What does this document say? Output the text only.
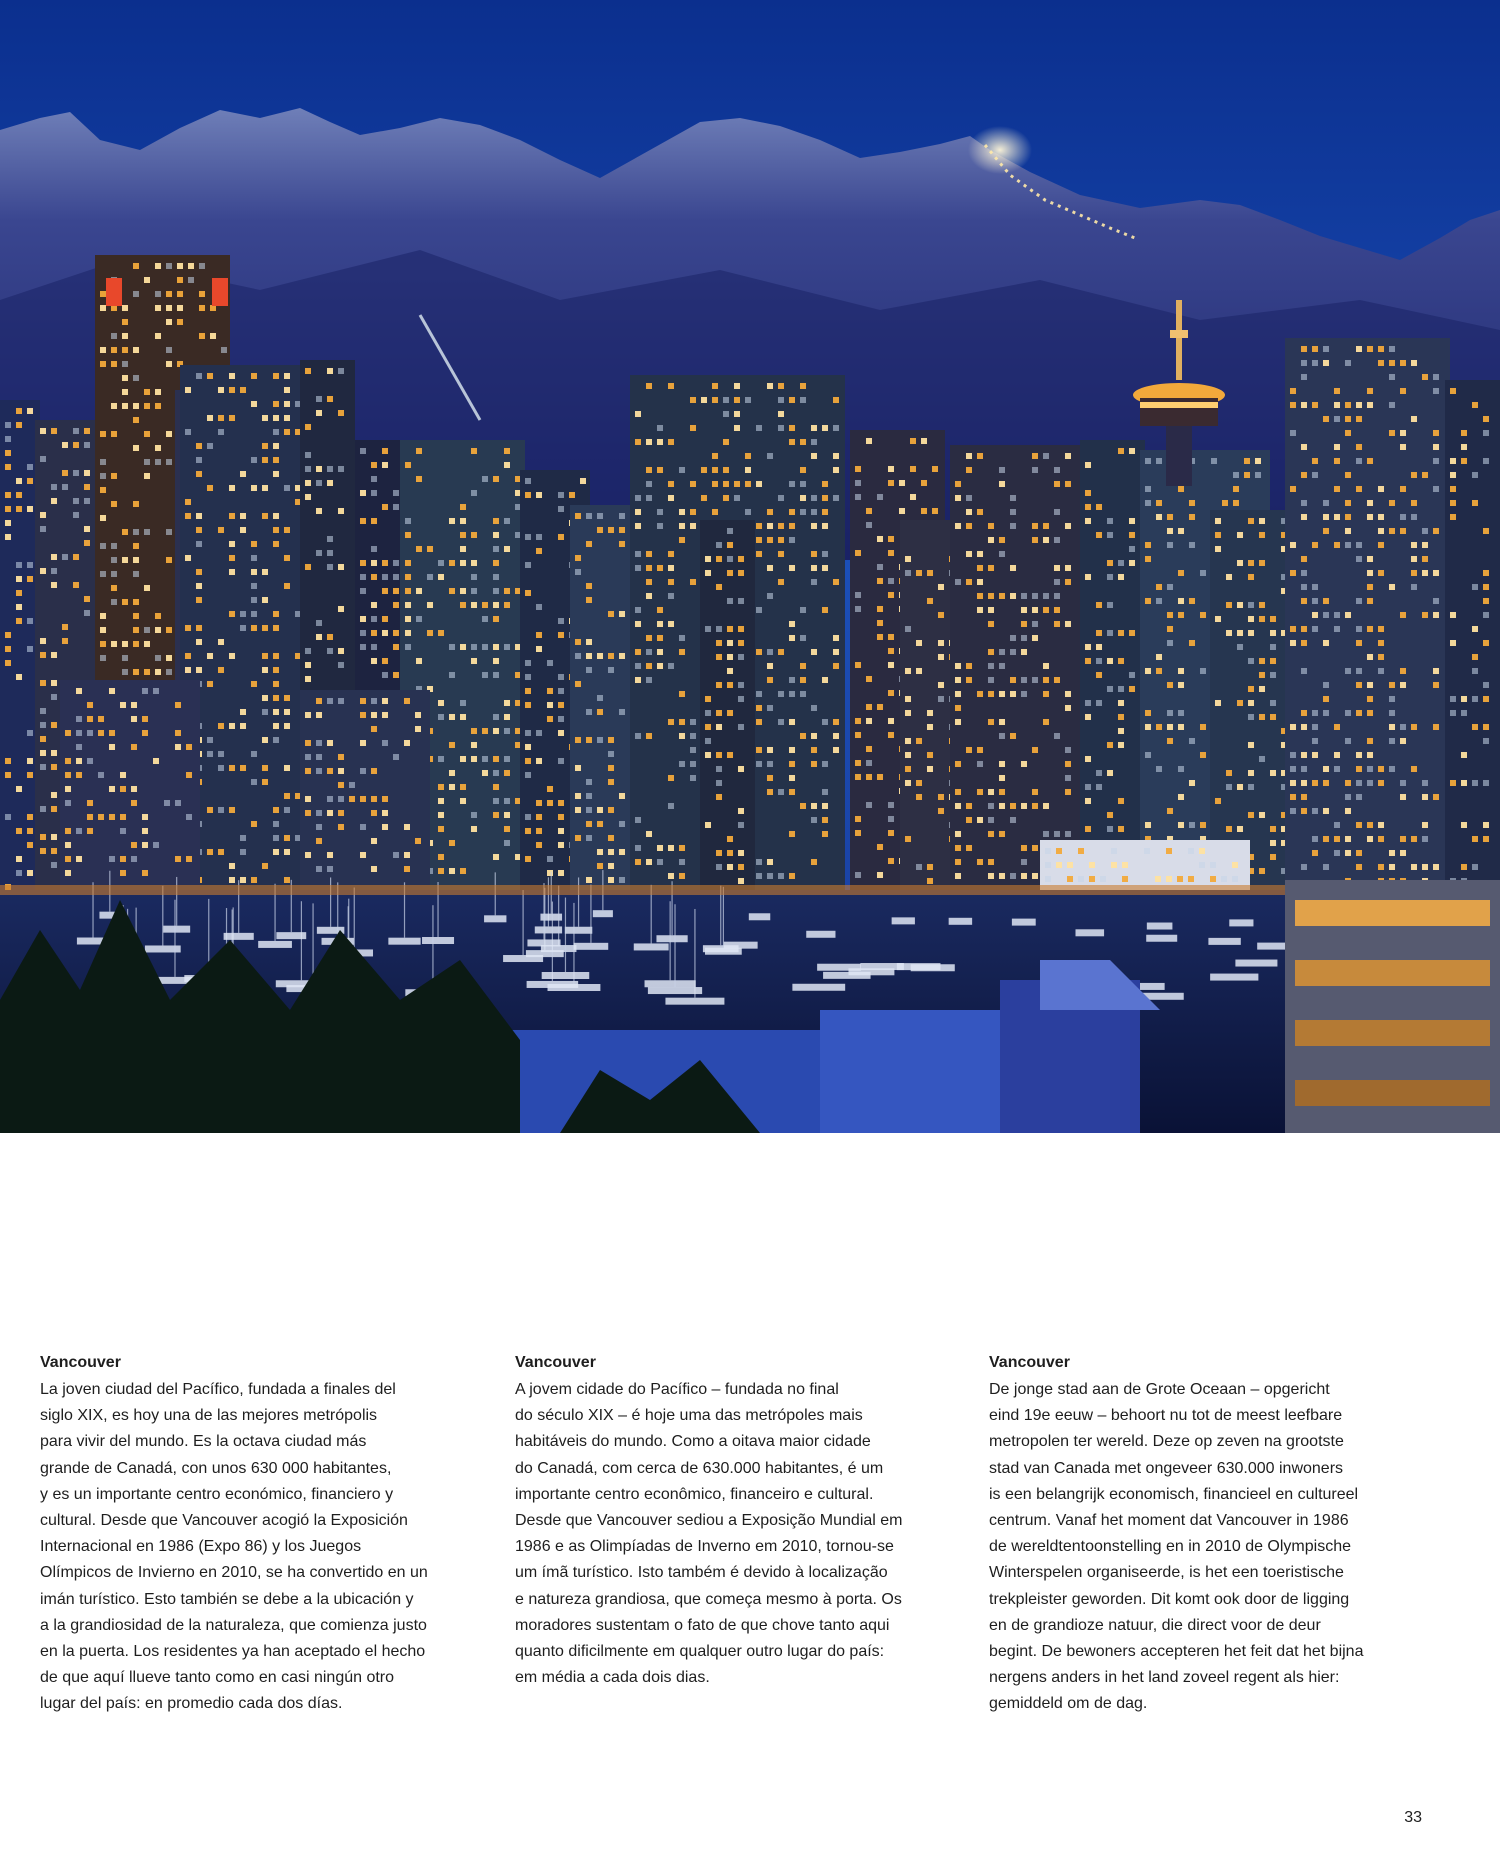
Vancouver

La joven ciudad del Pacífico, fundada a finales del

siglo XIX, es hoy una de las mejores metrópolis

para vivir del mundo. Es la octava ciudad más

grande de Canadá, con unos 630 000 habitantes,

y es un importante centro económico, financiero y

cultural. Desde que Vancouver acogió la Exposición

Internacional en 1986 (Expo 86) y los Juegos

Olímpicos de Invierno en 2010, se ha convertido en un

imán turístico. Esto también se debe a la ubicación y

a la grandiosidad de la naturaleza, que comienza justo

en la puerta. Los residentes ya han aceptado el hecho

de que aquí llueve tanto como en casi ningún otro

lugar del país: en promedio cada dos días.

Vancouver

A jovem cidade do Pacífico – fundada no final

do século XIX – é hoje uma das metrópoles mais

habitáveis do mundo. Como a oitava maior cidade

do Canadá, com cerca de 630.000 habitantes, é um

importante centro econômico, financeiro e cultural.

Desde que Vancouver sediou a Exposição Mundial em

1986 e as Olimpíadas de Inverno em 2010, tornou-se

um ímã turístico. Isto também é devido à localização

e natureza grandiosa, que começa mesmo à porta. Os

moradores sustentam o fato de que chove tanto aqui

quanto dificilmente em qualquer outro lugar do país:

em média a cada dois dias.

Vancouver

De jonge stad aan de Grote Oceaan – opgericht

eind 19e eeuw – behoort nu tot de meest leefbare

metropolen ter wereld. Deze op zeven na grootste

stad van Canada met ongeveer 630.000 inwoners

is een belangrijk economisch, financieel en cultureel

centrum. Vanaf het moment dat Vancouver in 1986

de wereldtentoonstelling en in 2010 de Olympische

Winterspelen organiseerde, is het een toeristische

trekpleister geworden. Dit komt ook door de ligging

en de grandioze natuur, die direct voor de deur

begint. De bewoners accepteren het feit dat het bijna

nergens anders in het land zoveel regent als hier:

gemiddeld om de dag.

33
